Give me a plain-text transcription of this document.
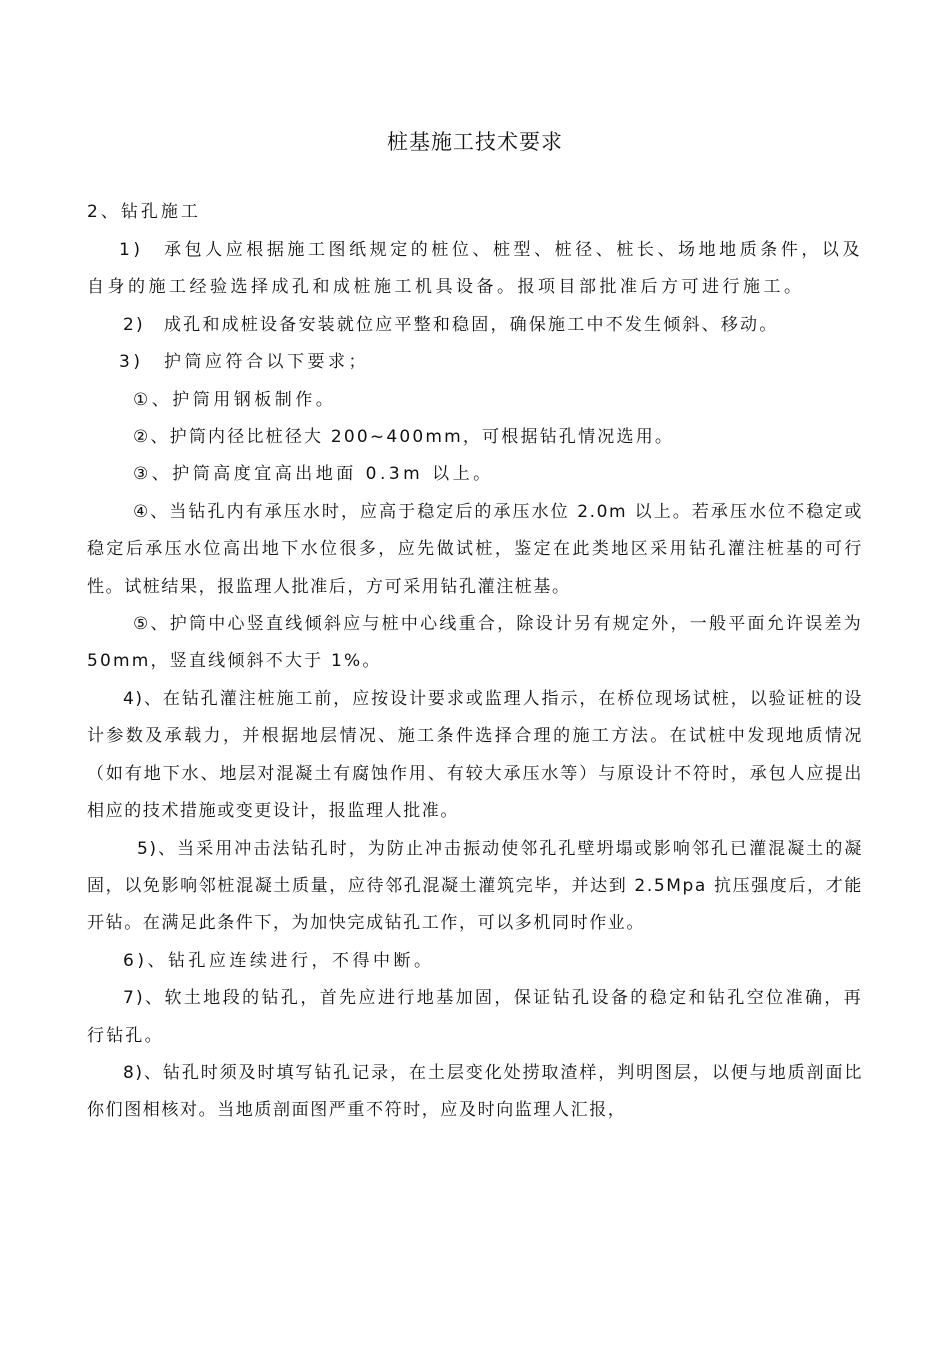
桩基施工技术要求
2、钻孔施工

1)　承包人应根据施工图纸规定的桩位、桩型、桩径、桩长、场地地质条件，以及自身的施工经验选择成孔和成桩施工机具设备。报项目部批准后方可进行施工。

2)　成孔和成桩设备安装就位应平整和稳固，确保施工中不发生倾斜、移动。

3)　护筒应符合以下要求；

①、护筒用钢板制作。

②、护筒内径比桩径大 200~400mm，可根据钻孔情况选用。

③、护筒高度宜高出地面 0.3m 以上。

④、当钻孔内有承压水时，应高于稳定后的承压水位 2.0m 以上。若承压水位不稳定或稳定后承压水位高出地下水位很多，应先做试桩，鉴定在此类地区采用钻孔灌注桩基的可行性。试桩结果，报监理人批准后，方可采用钻孔灌注桩基。

⑤、护筒中心竖直线倾斜应与桩中心线重合，除设计另有规定外，一般平面允许误差为 50mm，竖直线倾斜不大于 1%。

4)、在钻孔灌注桩施工前，应按设计要求或监理人指示，在桥位现场试桩，以验证桩的设计参数及承载力，并根据地层情况、施工条件选择合理的施工方法。在试桩中发现地质情况（如有地下水、地层对混凝土有腐蚀作用、有较大承压水等）与原设计不符时，承包人应提出相应的技术措施或变更设计，报监理人批准。

5)、当采用冲击法钻孔时，为防止冲击振动使邻孔孔壁坍塌或影响邻孔已灌混凝土的凝固，以免影响邻桩混凝土质量，应待邻孔混凝土灌筑完毕，并达到 2.5Mpa 抗压强度后，才能开钻。在满足此条件下，为加快完成钻孔工作，可以多机同时作业。

6)、钻孔应连续进行，不得中断。

7)、软土地段的钻孔，首先应进行地基加固，保证钻孔设备的稳定和钻孔空位准确，再行钻孔。

8)、钻孔时须及时填写钻孔记录，在土层变化处捞取渣样，判明图层，以便与地质剖面比你们图相核对。当地质剖面图严重不符时，应及时向监理人汇报，
